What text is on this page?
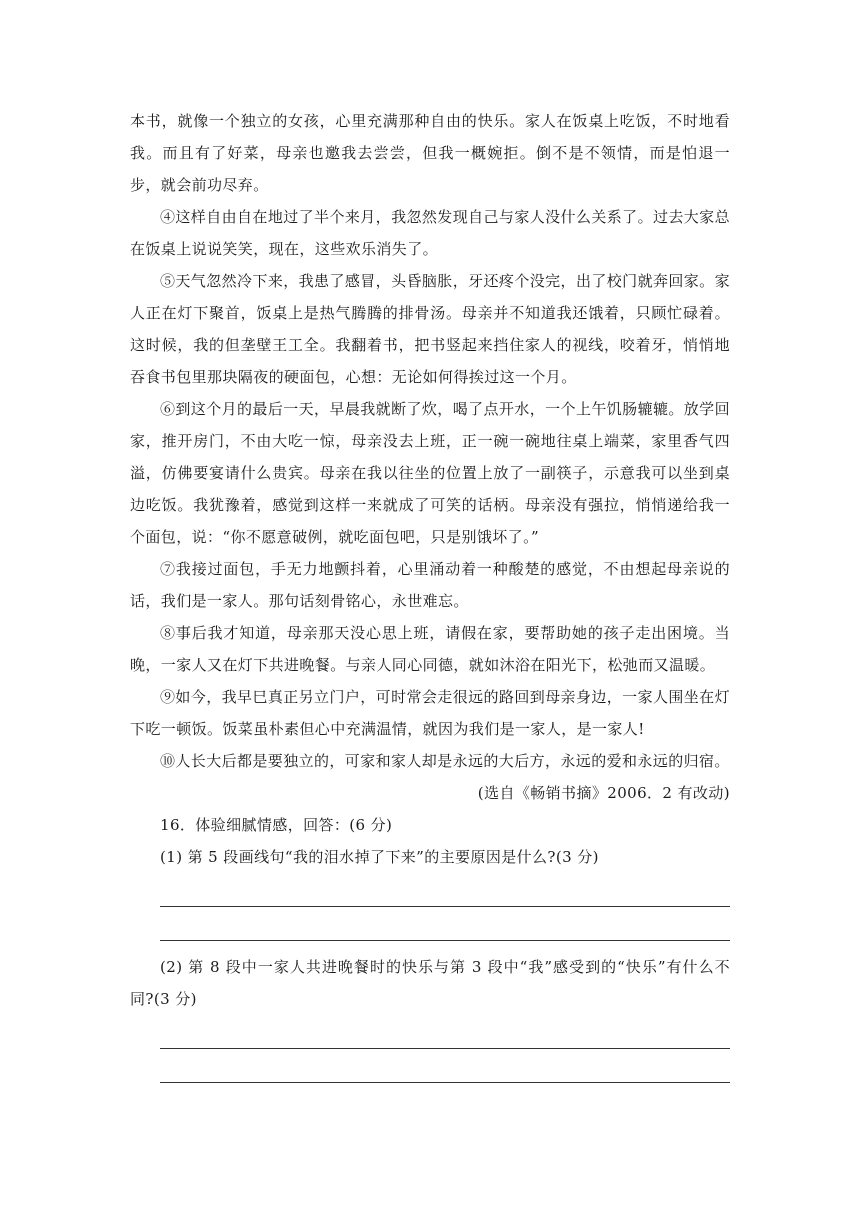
本书，就像一个独立的女孩，心里充满那种自由的快乐。家人在饭桌上吃饭，不时地看我。而且有了好菜，母亲也邀我去尝尝，但我一概婉拒。倒不是不领情，而是怕退一步，就会前功尽弃。

④这样自由自在地过了半个来月，我忽然发现自己与家人没什么关系了。过去大家总在饭桌上说说笑笑，现在，这些欢乐消失了。

⑤天气忽然冷下来，我患了感冒，头昏脑胀，牙还疼个没完，出了校门就奔回家。家人正在灯下聚首，饭桌上是热气腾腾的排骨汤。母亲并不知道我还饿着，只顾忙碌着。这时候，我的但垄壁王工全。我翻着书，把书竖起来挡住家人的视线，咬着牙，悄悄地吞食书包里那块隔夜的硬面包，心想：无论如何得挨过这一个月。

⑥到这个月的最后一天，早晨我就断了炊，喝了点开水，一个上午饥肠辘辘。放学回家，推开房门，不由大吃一惊，母亲没去上班，正一碗一碗地往桌上端菜，家里香气四溢，仿佛要宴请什么贵宾。母亲在我以往坐的位置上放了一副筷子，示意我可以坐到桌边吃饭。我犹豫着，感觉到这样一来就成了可笑的话柄。母亲没有强拉，悄悄递给我一个面包，说：“你不愿意破例，就吃面包吧，只是别饿坏了。”

⑦我接过面包，手无力地颤抖着，心里涌动着一种酸楚的感觉，不由想起母亲说的话，我们是一家人。那句话刻骨铭心，永世难忘。

⑧事后我才知道，母亲那天没心思上班，请假在家，要帮助她的孩子走出困境。当晚，一家人又在灯下共进晚餐。与亲人同心同德，就如沐浴在阳光下，松弛而又温暖。

⑨如今，我早巳真正另立门户，可时常会走很远的路回到母亲身边，一家人围坐在灯下吃一顿饭。饭菜虽朴素但心中充满温情，就因为我们是一家人，是一家人!

⑩人长大后都是要独立的，可家和家人却是永远的大后方，永远的爱和永远的归宿。

(选自《畅销书摘》2006．2 有改动)

16．体验细腻情感，回答：(6 分)

(1) 第 5 段画线句“我的泪水掉了下来”的主要原因是什么?(3 分)

(2) 第 8 段中一家人共进晚餐时的快乐与第 3 段中“我”感受到的“快乐”有什么不同?(3 分)
